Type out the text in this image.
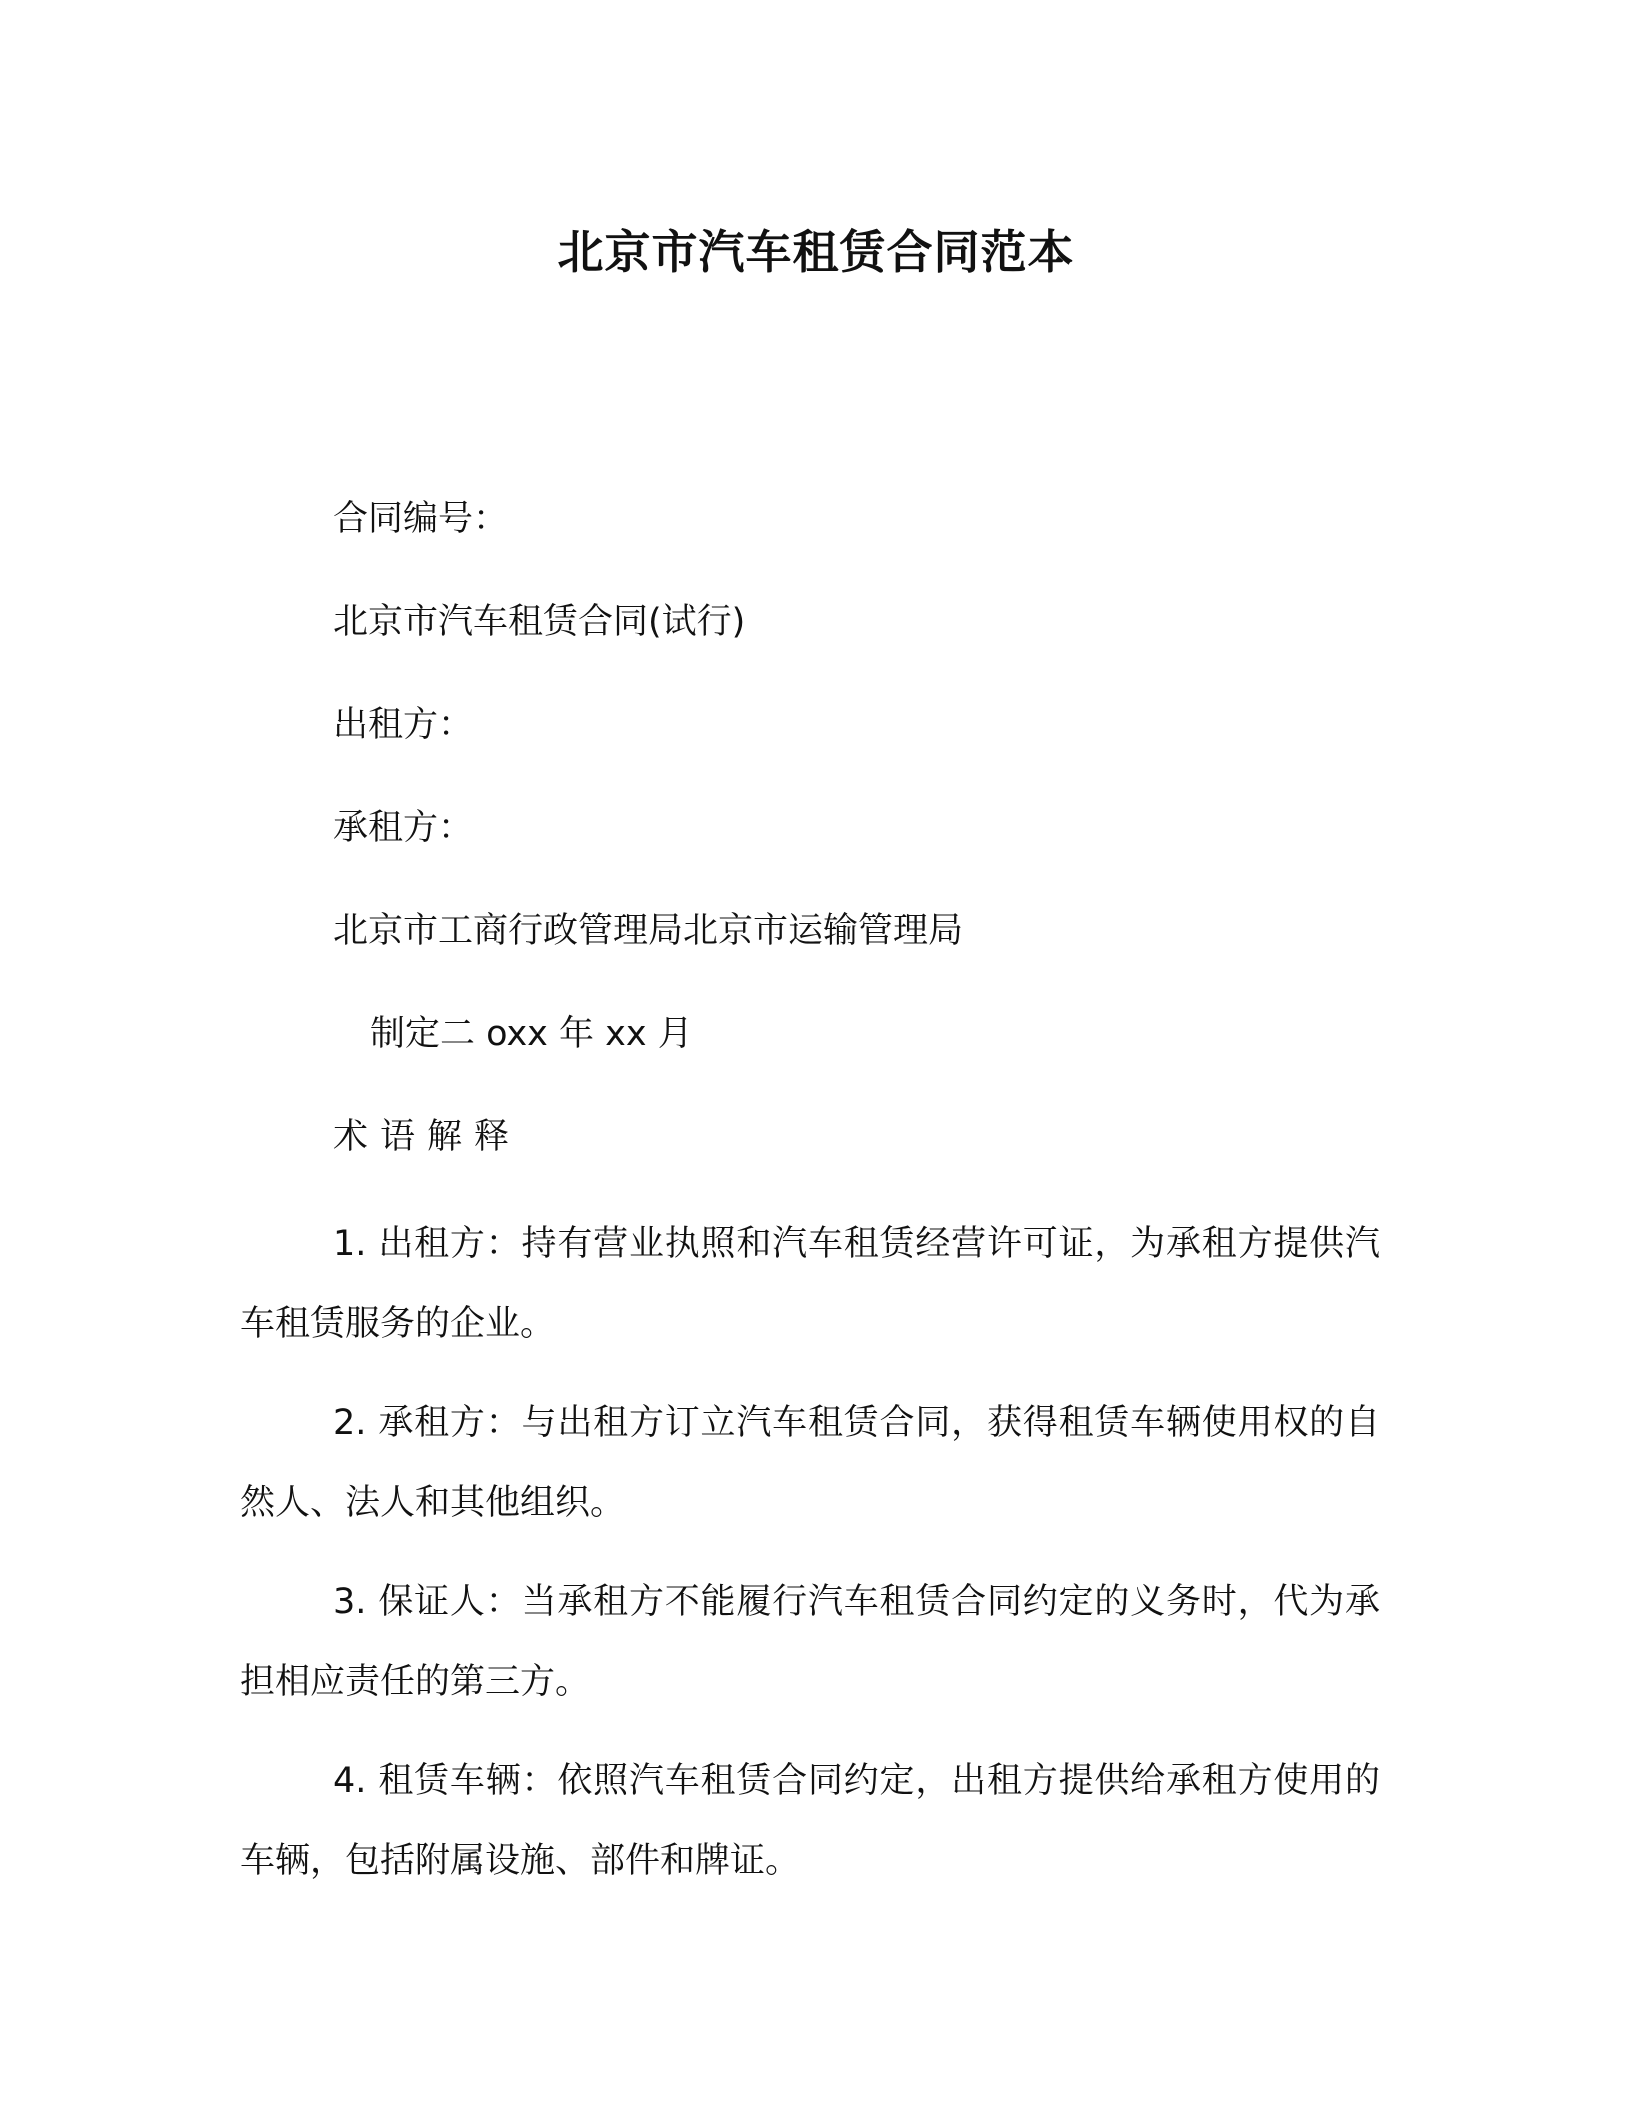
北京市汽车租赁合同范本
合同编号：
北京市汽车租赁合同(试行)
出租方：
承租方：
北京市工商行政管理局北京市运输管理局
制定二 oxx 年 xx 月
术语解释
1. 出租方：持有营业执照和汽车租赁经营许可证，为承租方提供汽车租赁服务的企业。
2. 承租方：与出租方订立汽车租赁合同，获得租赁车辆使用权的自然人、法人和其他组织。
3. 保证人：当承租方不能履行汽车租赁合同约定的义务时，代为承担相应责任的第三方。
4. 租赁车辆：依照汽车租赁合同约定，出租方提供给承租方使用的车辆，包括附属设施、部件和牌证。
